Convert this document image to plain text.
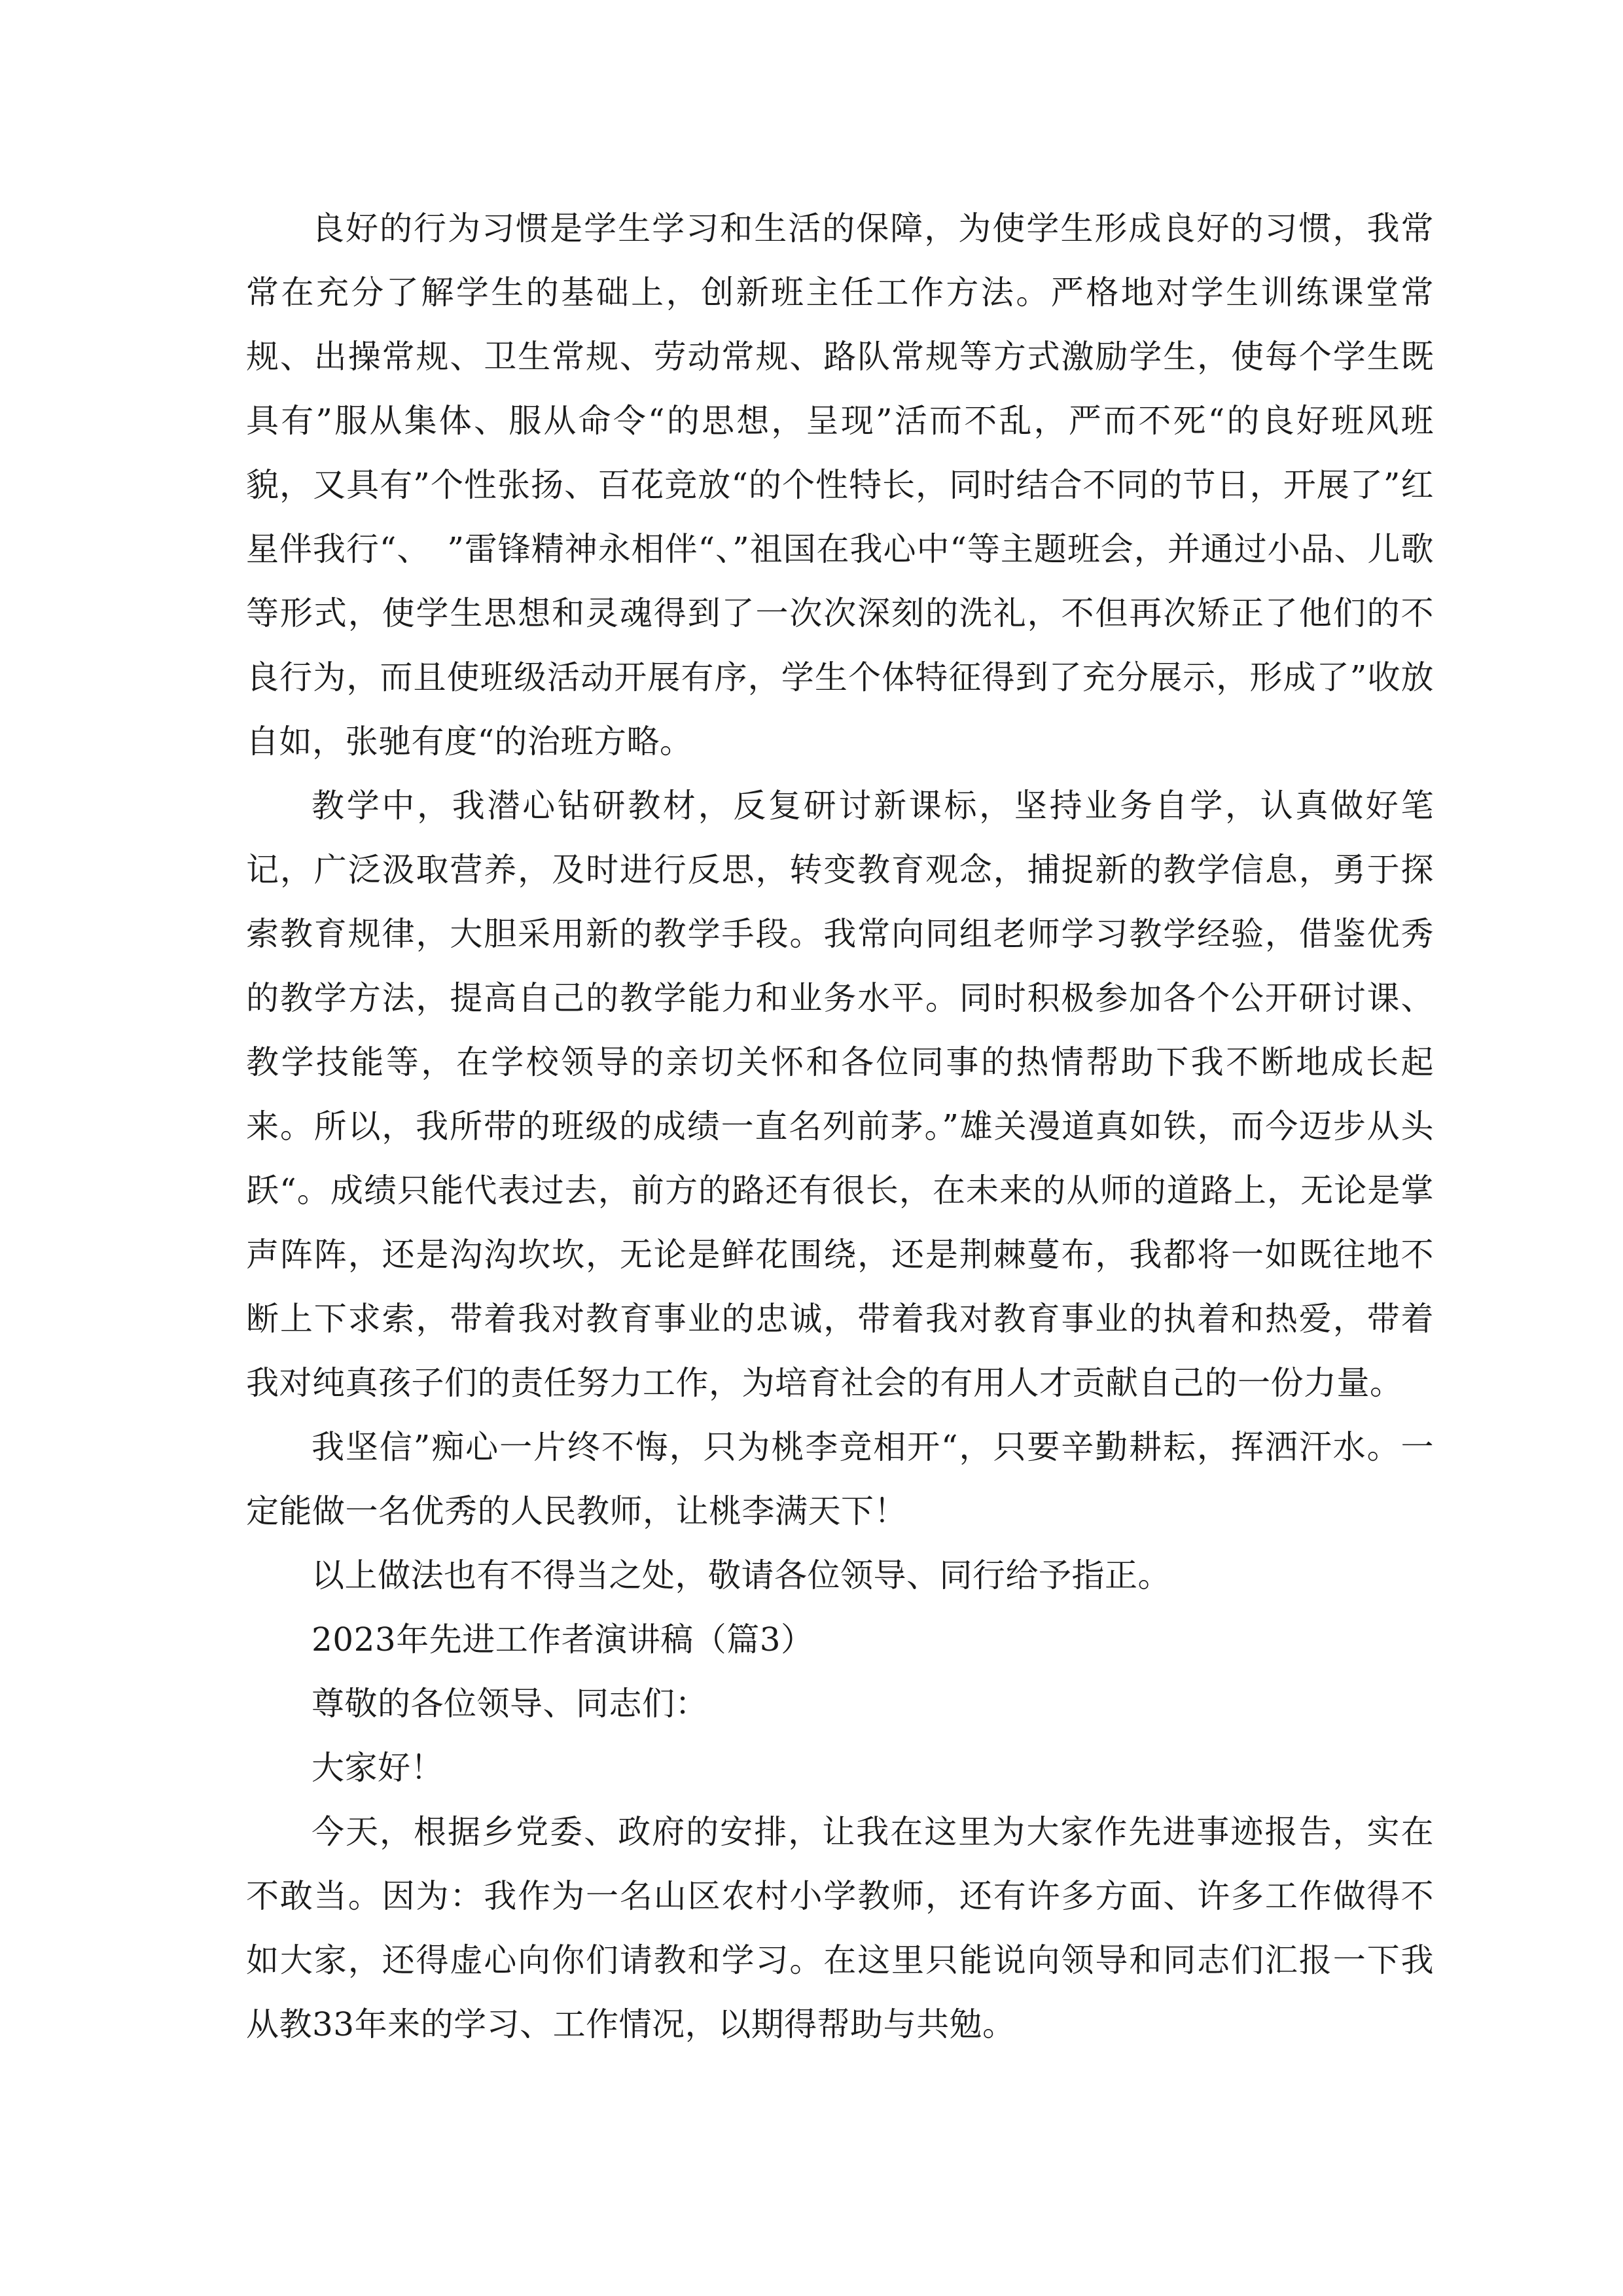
良好的行为习惯是学生学习和生活的保障，为使学生形成良好的习惯，我常常在充分了解学生的基础上，创新班主任工作方法。严格地对学生训练课堂常规、出操常规、卫生常规、劳动常规、路队常规等方式激励学生，使每个学生既具有”服从集体、服从命令“的思想，呈现”活而不乱，严而不死“的良好班风班貌，又具有”个性张扬、百花竞放“的个性特长，同时结合不同的节日，开展了”红星伴我行“、　”雷锋精神永相伴“、”祖国在我心中“等主题班会，并通过小品、儿歌等形式，使学生思想和灵魂得到了一次次深刻的洗礼，不但再次矫正了他们的不良行为，而且使班级活动开展有序，学生个体特征得到了充分展示，形成了”收放自如，张驰有度“的治班方略。

教学中，我潜心钻研教材，反复研讨新课标，坚持业务自学，认真做好笔记，广泛汲取营养，及时进行反思，转变教育观念，捕捉新的教学信息，勇于探索教育规律，大胆采用新的教学手段。我常向同组老师学习教学经验，借鉴优秀的教学方法，提高自己的教学能力和业务水平。同时积极参加各个公开研讨课、教学技能等，在学校领导的亲切关怀和各位同事的热情帮助下我不断地成长起来。所以，我所带的班级的成绩一直名列前茅。”雄关漫道真如铁，而今迈步从头跃“。成绩只能代表过去，前方的路还有很长，在未来的从师的道路上，无论是掌声阵阵，还是沟沟坎坎，无论是鲜花围绕，还是荆棘蔓布，我都将一如既往地不断上下求索，带着我对教育事业的忠诚，带着我对教育事业的执着和热爱，带着我对纯真孩子们的责任努力工作，为培育社会的有用人才贡献自己的一份力量。

我坚信”痴心一片终不悔，只为桃李竞相开“，只要辛勤耕耘，挥洒汗水。一定能做一名优秀的人民教师，让桃李满天下！

以上做法也有不得当之处，敬请各位领导、同行给予指正。

2023年先进工作者演讲稿（篇3）

尊敬的各位领导、同志们：

大家好！

今天，根据乡党委、政府的安排，让我在这里为大家作先进事迹报告，实在不敢当。因为：我作为一名山区农村小学教师，还有许多方面、许多工作做得不如大家，还得虚心向你们请教和学习。在这里只能说向领导和同志们汇报一下我从教33年来的学习、工作情况，以期得帮助与共勉。
